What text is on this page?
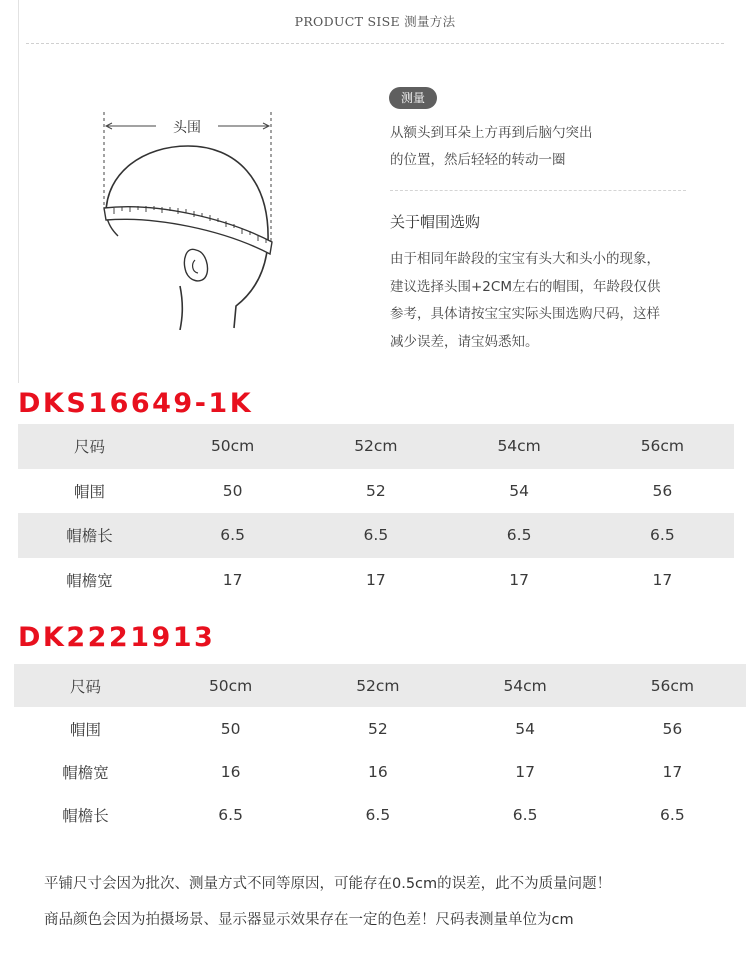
PRODUCT SISE 测量方法
头围
测量
从额头到耳朵上方再到后脑勺突出
的位置，然后轻轻的转动一圈
关于帽围选购
由于相同年龄段的宝宝有头大和头小的现象，
建议选择头围+2CM左右的帽围，年龄段仅供
参考，具体请按宝宝实际头围选购尺码，这样
减少误差，请宝妈悉知。
DKS16649-1K
尺码	50cm	52cm	54cm	56cm
帽围	50	52	54	56
帽檐长	6.5	6.5	6.5	6.5
帽檐宽	17	17	17	17
DK2221913
尺码	50cm	52cm	54cm	56cm
帽围	50	52	54	56
帽檐宽	16	16	17	17
帽檐长	6.5	6.5	6.5	6.5
平铺尺寸会因为批次、测量方式不同等原因，可能存在0.5cm的误差，此不为质量问题！
商品颜色会因为拍摄场景、显示器显示效果存在一定的色差！尺码表测量单位为cm
